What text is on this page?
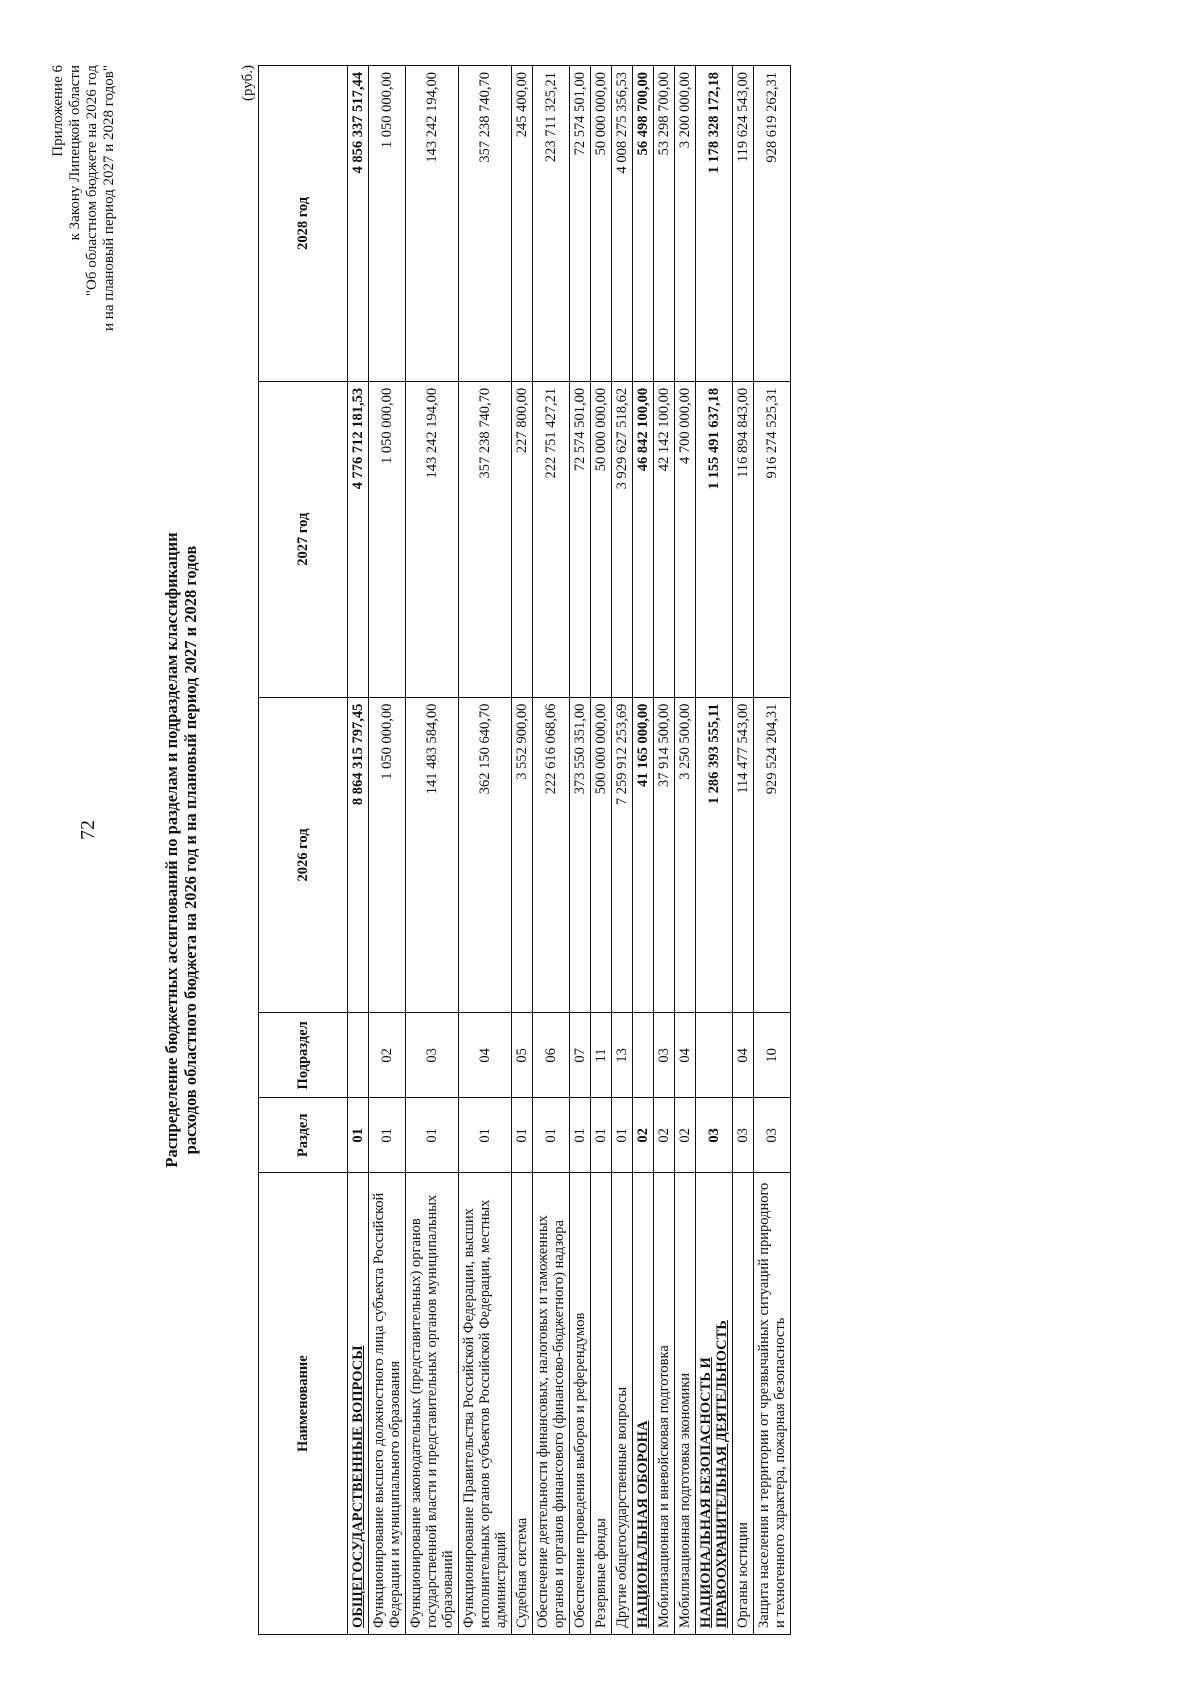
Приложение 6 к Закону Липецкой области "Об областном бюджете на 2026 год и на плановый период 2027 и 2028 годов"
Распределение бюджетных ассигнований по разделам и подразделам классификации расходов областного бюджета на 2026 год и на плановый период 2027 и 2028 годов
(руб.)
Наименование	Раздел	Подраздел	2026 год	2027 год	2028 год
ОБЩЕГОСУДАРСТВЕННЫЕ ВОПРОСЫ	01		8 864 315 797,45	4 776 712 181,53	4 856 337 517,44
Функционирование высшего должностного лица субъекта Российской Федерации и муниципального образования	01	02	1 050 000,00	1 050 000,00	1 050 000,00
Функционирование законодательных (представительных) органов государственной власти и представительных органов муниципальных образований	01	03	141 483 584,00	143 242 194,00	143 242 194,00
Функционирование Правительства Российской Федерации, высших исполнительных органов субъектов Российской Федерации, местных администраций	01	04	362 150 640,70	357 238 740,70	357 238 740,70
Судебная система	01	05	3 552 900,00	227 800,00	245 400,00
Обеспечение деятельности финансовых, налоговых и таможенных органов и органов финансового (финансово-бюджетного) надзора	01	06	222 616 068,06	222 751 427,21	223 711 325,21
Обеспечение проведения выборов и референдумов	01	07	373 550 351,00	72 574 501,00	72 574 501,00
Резервные фонды	01	11	500 000 000,00	50 000 000,00	50 000 000,00
Другие общегосударственные вопросы	01	13	7 259 912 253,69	3 929 627 518,62	4 008 275 356,53
НАЦИОНАЛЬНАЯ ОБОРОНА	02		41 165 000,00	46 842 100,00	56 498 700,00
Мобилизационная и вневойсковая подготовка	02	03	37 914 500,00	42 142 100,00	53 298 700,00
Мобилизационная подготовка экономики	02	04	3 250 500,00	4 700 000,00	3 200 000,00
НАЦИОНАЛЬНАЯ БЕЗОПАСНОСТЬ И ПРАВООХРАНИТЕЛЬНАЯ ДЕЯТЕЛЬНОСТЬ	03		1 286 393 555,11	1 155 491 637,18	1 178 328 172,18
Органы юстиции	03	04	114 477 543,00	116 894 843,00	119 624 543,00
Защита населения и территории от чрезвычайных ситуаций природного и техногенного характера, пожарная безопасность	03	10	929 524 204,31	916 274 525,31	928 619 262,31
72
